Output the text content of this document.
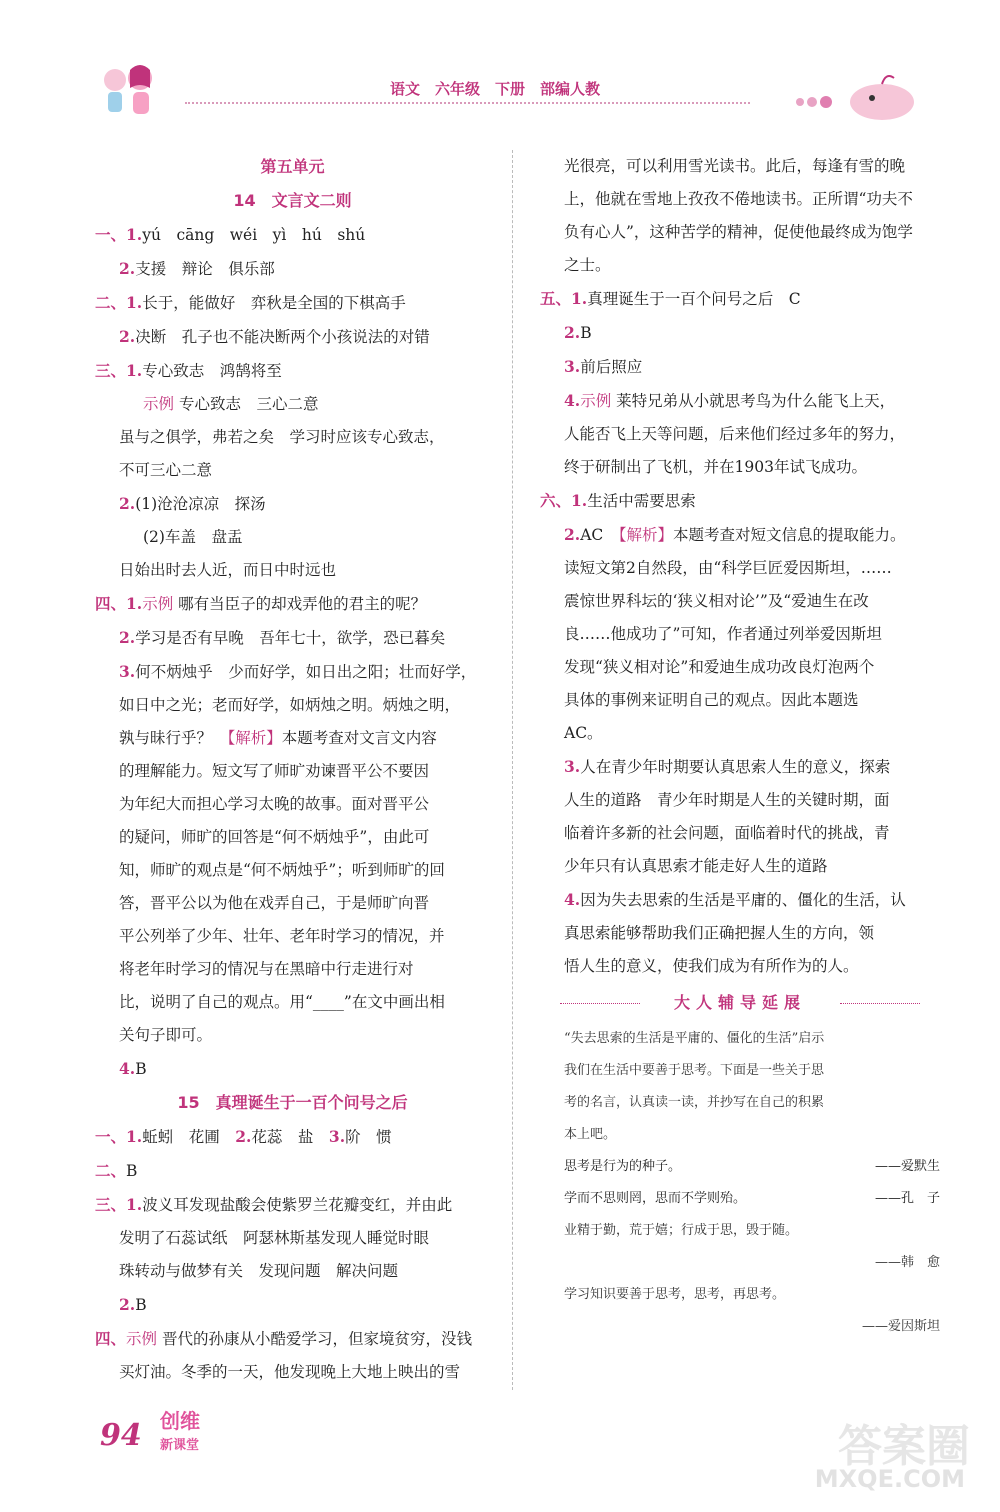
语文　六年级　下册　部编人教
第五单元
14　文言文二则
一、1.yú　cāng　wéi　yì　hú　shú
2.支援　辩论　俱乐部
二、1.长于，能做好　弈秋是全国的下棋高手
2.决断　孔子也不能决断两个小孩说法的对错
三、1.专心致志　鸿鹄将至
示例 专心致志　三心二意
虽与之俱学，弗若之矣　学习时应该专心致志，
不可三心二意
2.(1)沧沧凉凉　探汤
(2)车盖　盘盂
日始出时去人近，而日中时远也
四、1.示例 哪有当臣子的却戏弄他的君主的呢？
2.学习是否有早晚　吾年七十，欲学，恐已暮矣
3.何不炳烛乎　少而好学，如日出之阳；壮而好学，
如日中之光；老而好学，如炳烛之明。炳烛之明，
孰与昧行乎？　【解析】本题考查对文言文内容
的理解能力。短文写了师旷劝谏晋平公不要因
为年纪大而担心学习太晚的故事。面对晋平公
的疑问，师旷的回答是“何不炳烛乎”，由此可
知，师旷的观点是“何不炳烛乎”；听到师旷的回
答，晋平公以为他在戏弄自己，于是师旷向晋
平公列举了少年、壮年、老年时学习的情况，并
将老年时学习的情况与在黑暗中行走进行对
比，说明了自己的观点。用“____”在文中画出相
关句子即可。
4.B
15　真理诞生于一百个问号之后
一、1.蚯蚓　花圃　2.花蕊　盐　3.阶　惯
二、B
三、1.波义耳发现盐酸会使紫罗兰花瓣变红，并由此
发明了石蕊试纸　阿瑟林斯基发现人睡觉时眼
珠转动与做梦有关　发现问题　解决问题
2.B
四、示例 晋代的孙康从小酷爱学习，但家境贫穷，没钱
买灯油。冬季的一天，他发现晚上大地上映出的雪
光很亮，可以利用雪光读书。此后，每逢有雪的晚
上，他就在雪地上孜孜不倦地读书。正所谓“功夫不
负有心人”，这种苦学的精神，促使他最终成为饱学
之士。
五、1.真理诞生于一百个问号之后　C
2.B
3.前后照应
4.示例 莱特兄弟从小就思考鸟为什么能飞上天，
人能否飞上天等问题，后来他们经过多年的努力，
终于研制出了飞机，并在1903年试飞成功。
六、1.生活中需要思索
2.AC　【解析】本题考查对短文信息的提取能力。
读短文第2自然段，由“科学巨匠爱因斯坦，……
震惊世界科坛的‘狭义相对论’”及“爱迪生在改
良……他成功了”可知，作者通过列举爱因斯坦
发现“狭义相对论”和爱迪生成功改良灯泡两个
具体的事例来证明自己的观点。因此本题选
AC。
3.人在青少年时期要认真思索人生的意义，探索
人生的道路　青少年时期是人生的关键时期，面
临着许多新的社会问题，面临着时代的挑战，青
少年只有认真思索才能走好人生的道路
4.因为失去思索的生活是平庸的、僵化的生活，认
真思索能够帮助我们正确把握人生的方向，领
悟人生的意义，使我们成为有所作为的人。
大人辅导延展
“失去思索的生活是平庸的、僵化的生活”启示
我们在生活中要善于思考。下面是一些关于思
考的名言，认真读一读，并抄写在自己的积累
本上吧。
思考是行为的种子。	——爱默生
学而不思则罔，思而不学则殆。	——孔　子
业精于勤，荒于嬉；行成于思，毁于随。
——韩　愈
学习知识要善于思考，思考，再思考。
——爱因斯坦
94 创维
新课堂	答案圈
MXQE.COM
